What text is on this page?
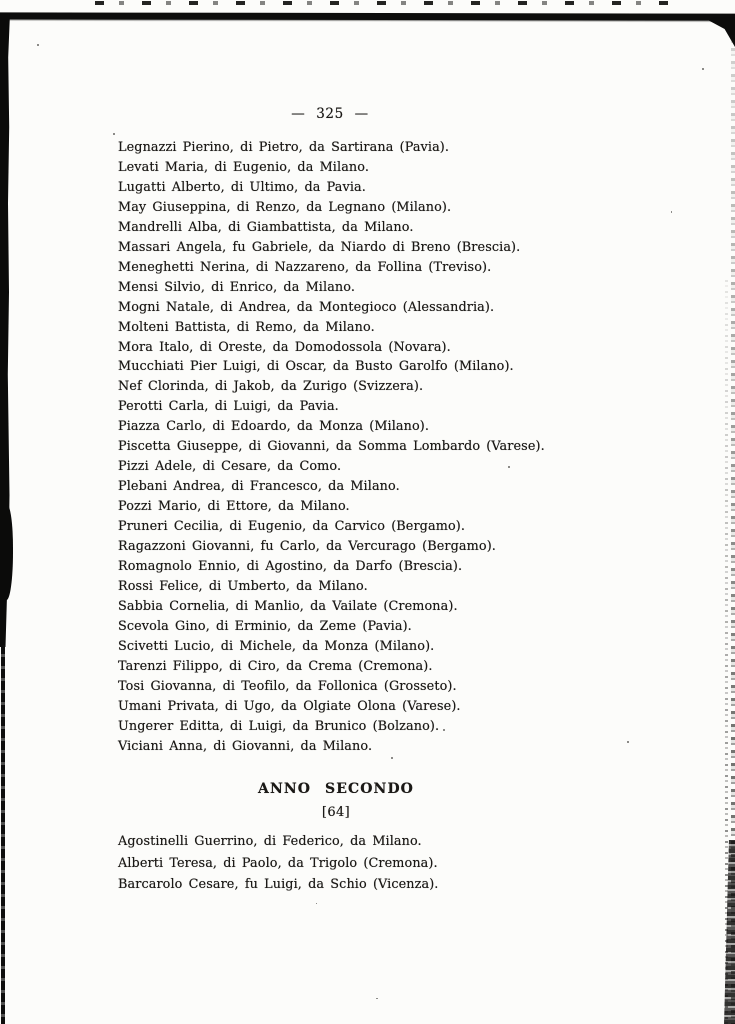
— 325 —
Legnazzi Pierino, di Pietro, da Sartirana (Pavia).
Levati Maria, di Eugenio, da Milano.
Lugatti Alberto, di Ultimo, da Pavia.
May Giuseppina, di Renzo, da Legnano (Milano).
Mandrelli Alba, di Giambattista, da Milano.
Massari Angela, fu Gabriele, da Niardo di Breno (Brescia).
Meneghetti Nerina, di Nazzareno, da Follina (Treviso).
Mensi Silvio, di Enrico, da Milano.
Mogni Natale, di Andrea, da Montegioco (Alessandria).
Molteni Battista, di Remo, da Milano.
Mora Italo, di Oreste, da Domodossola (Novara).
Mucchiati Pier Luigi, di Oscar, da Busto Garolfo (Milano).
Nef Clorinda, di Jakob, da Zurigo (Svizzera).
Perotti Carla, di Luigi, da Pavia.
Piazza Carlo, di Edoardo, da Monza (Milano).
Piscetta Giuseppe, di Giovanni, da Somma Lombardo (Varese).
Pizzi Adele, di Cesare, da Como.
Plebani Andrea, di Francesco, da Milano.
Pozzi Mario, di Ettore, da Milano.
Pruneri Cecilia, di Eugenio, da Carvico (Bergamo).
Ragazzoni Giovanni, fu Carlo, da Vercurago (Bergamo).
Romagnolo Ennio, di Agostino, da Darfo (Brescia).
Rossi Felice, di Umberto, da Milano.
Sabbia Cornelia, di Manlio, da Vailate (Cremona).
Scevola Gino, di Erminio, da Zeme (Pavia).
Scivetti Lucio, di Michele, da Monza (Milano).
Tarenzi Filippo, di Ciro, da Crema (Cremona).
Tosi Giovanna, di Teofilo, da Follonica (Grosseto).
Umani Privata, di Ugo, da Olgiate Olona (Varese).
Ungerer Editta, di Luigi, da Brunico (Bolzano).
Viciani Anna, di Giovanni, da Milano.
ANNO SECONDO
[64]
Agostinelli Guerrino, di Federico, da Milano.
Alberti Teresa, di Paolo, da Trigolo (Cremona).
Barcarolo Cesare, fu Luigi, da Schio (Vicenza).
